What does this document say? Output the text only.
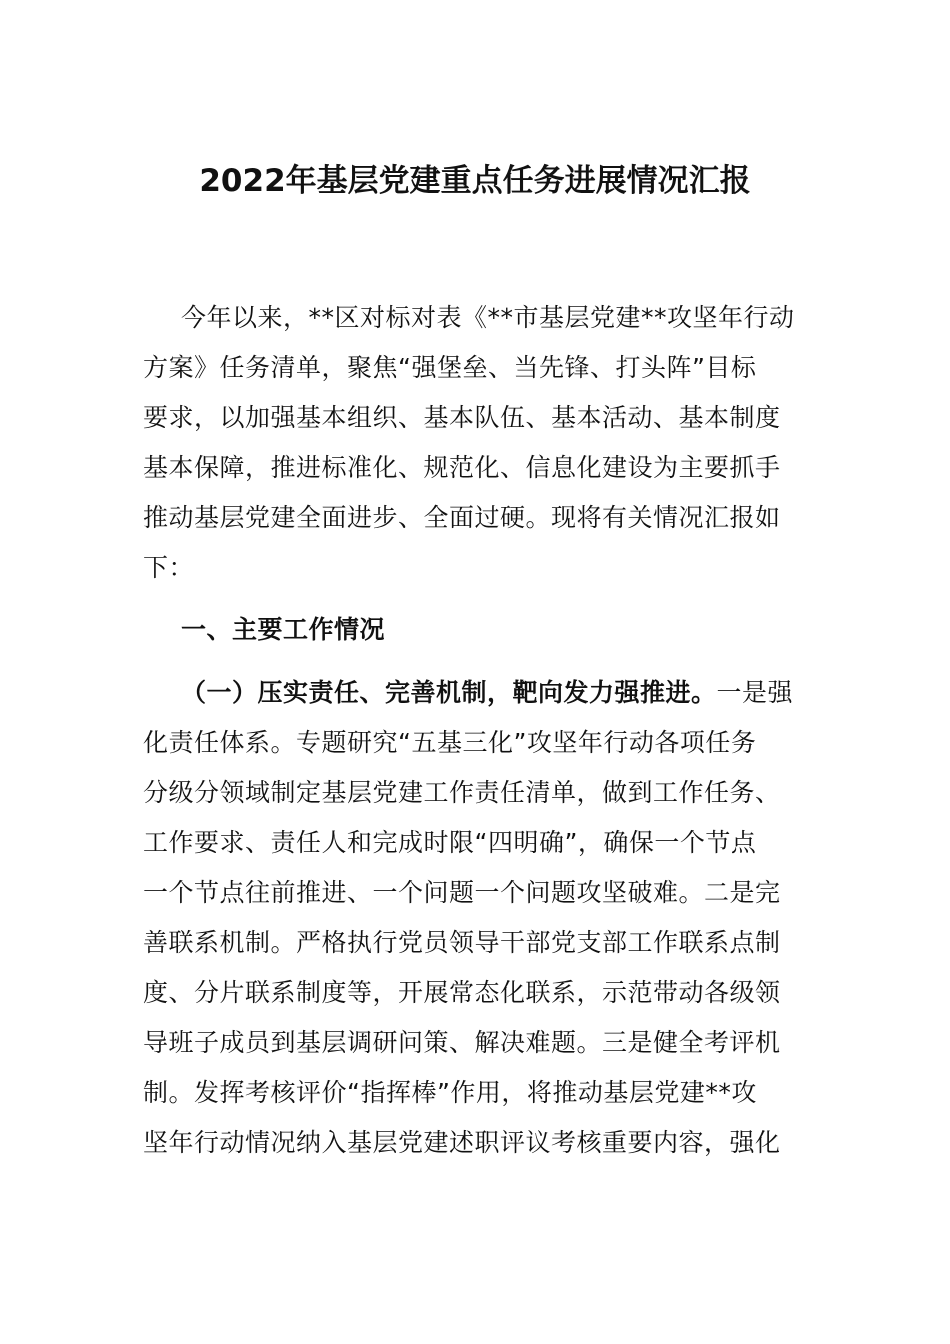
2022年基层党建重点任务进展情况汇报
今年以来，**区对标对表《**市基层党建**攻坚年行动
方案》任务清单，聚焦“强堡垒、当先锋、打头阵”目标
要求，以加强基本组织、基本队伍、基本活动、基本制度
基本保障，推进标准化、规范化、信息化建设为主要抓手
推动基层党建全面进步、全面过硬。现将有关情况汇报如
下：
一、主要工作情况
（一）压实责任、完善机制，靶向发力强推进。一是强
化责任体系。专题研究“五基三化”攻坚年行动各项任务
分级分领域制定基层党建工作责任清单，做到工作任务、
工作要求、责任人和完成时限“四明确”，确保一个节点
一个节点往前推进、一个问题一个问题攻坚破难。二是完
善联系机制。严格执行党员领导干部党支部工作联系点制
度、分片联系制度等，开展常态化联系，示范带动各级领
导班子成员到基层调研问策、解决难题。三是健全考评机
制。发挥考核评价“指挥棒”作用，将推动基层党建**攻
坚年行动情况纳入基层党建述职评议考核重要内容，强化
